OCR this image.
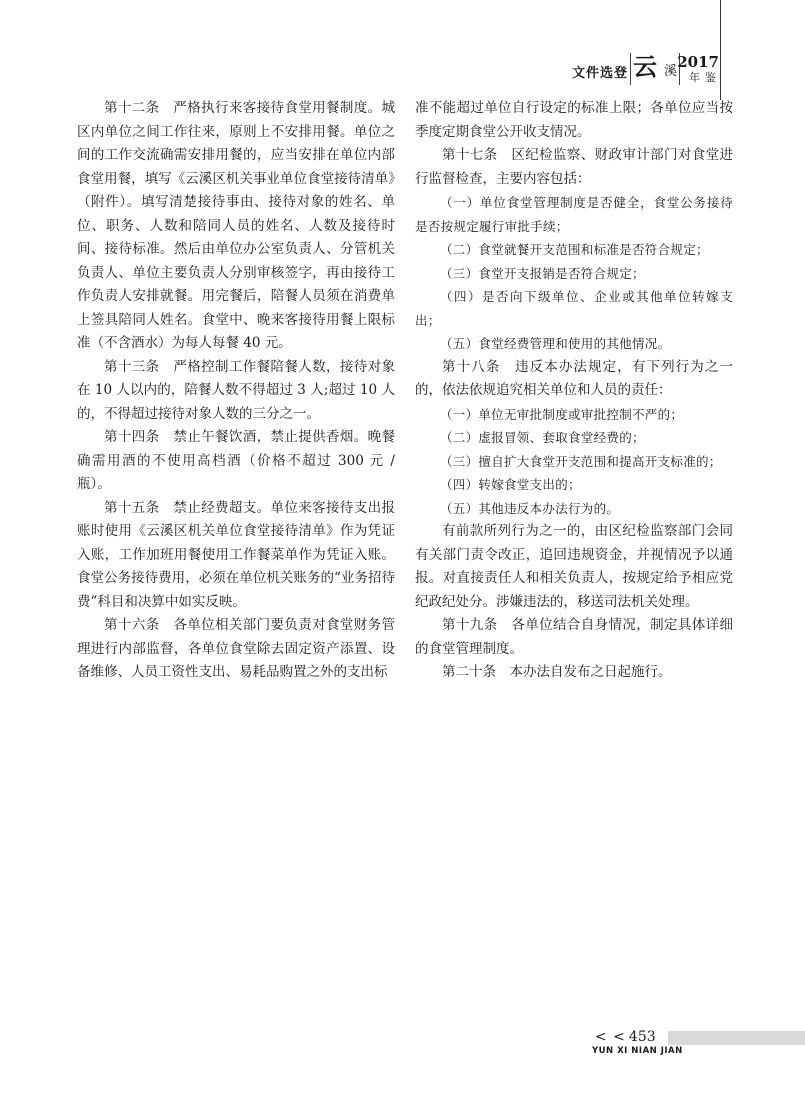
文件选登 云 溪
2017
年鉴

第十二条　严格执行来客接待食堂用餐制度。城区内单位之间工作往来，原则上不安排用餐。单位之间的工作交流确需安排用餐的，应当安排在单位内部食堂用餐，填写《云溪区机关事业单位食堂接待清单》（附件）。填写清楚接待事由、接待对象的姓名、单位、职务、人数和陪同人员的姓名、人数及接待时间、接待标准。然后由单位办公室负责人、分管机关负责人、单位主要负责人分别审核签字，再由接待工作负责人安排就餐。用完餐后，陪餐人员须在消费单上签具陪同人姓名。食堂中、晚来客接待用餐上限标准（不含酒水）为每人每餐 40 元。

第十三条　严格控制工作餐陪餐人数，接待对象在 10 人以内的，陪餐人数不得超过 3 人;超过 10 人的，不得超过接待对象人数的三分之一。

第十四条　禁止午餐饮酒，禁止提供香烟。晚餐确需用酒的不使用高档酒（价格不超过 300 元 / 瓶）。

第十五条　禁止经费超支。单位来客接待支出报账时使用《云溪区机关单位食堂接待清单》作为凭证入账，工作加班用餐使用工作餐菜单作为凭证入账。食堂公务接待费用，必须在单位机关账务的“业务招待费”科目和决算中如实反映。

第十六条　各单位相关部门要负责对食堂财务管理进行内部监督，各单位食堂除去固定资产添置、设备维修、人员工资性支出、易耗品购置之外的支出标

准不能超过单位自行设定的标准上限；各单位应当按季度定期食堂公开收支情况。

第十七条　区纪检监察、财政审计部门对食堂进行监督检查，主要内容包括：

（一）单位食堂管理制度是否健全，食堂公务接待是否按规定履行审批手续；

（二）食堂就餐开支范围和标准是否符合规定；

（三）食堂开支报销是否符合规定；

（四）是否向下级单位、企业或其他单位转嫁支出；

（五）食堂经费管理和使用的其他情况。

第十八条　违反本办法规定，有下列行为之一的，依法依规追究相关单位和人员的责任：

（一）单位无审批制度或审批控制不严的；

（二）虚报冒领、套取食堂经费的；

（三）擅自扩大食堂开支范围和提高开支标准的；

（四）转嫁食堂支出的；

（五）其他违反本办法行为的。

有前款所列行为之一的，由区纪检监察部门会同有关部门责令改正，追回违规资金，并视情况予以通报。对直接责任人和相关负责人，按规定给予相应党纪政纪处分。涉嫌违法的，移送司法机关处理。

第十九条　各单位结合自身情况，制定具体详细的食堂管理制度。

第二十条　本办法自发布之日起施行。

< < 453
YUN XI NIAN JIAN
